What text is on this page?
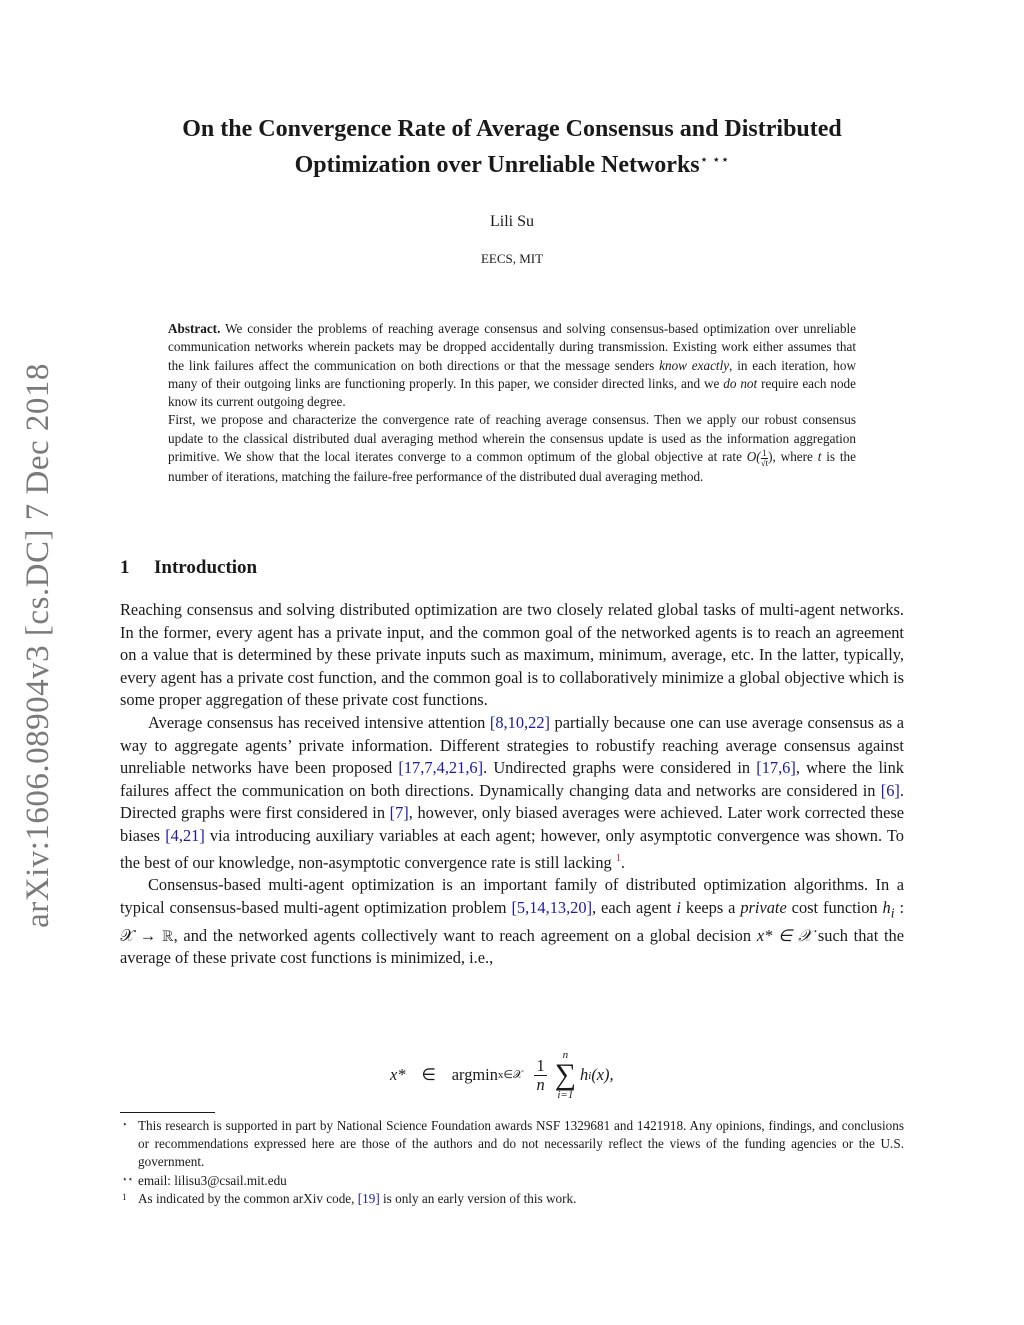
arXiv:1606.08904v3 [cs.DC] 7 Dec 2018
On the Convergence Rate of Average Consensus and Distributed
Optimization over Unreliable Networks⋆ ⋆⋆
Lili Su
EECS, MIT

Abstract. We consider the problems of reaching average consensus and solving consensus-based optimization over unreliable communication networks wherein packets may be dropped accidentally during transmission. Existing work either assumes that the link failures affect the communication on both directions or that the message senders know exactly, in each iteration, how many of their outgoing links are functioning properly. In this paper, we consider directed links, and we do not require each node know its current outgoing degree.

First, we propose and characterize the convergence rate of reaching average consensus. Then we apply our robust consensus update to the classical distributed dual averaging method wherein the consensus update is used as the information aggregation primitive. We show that the local iterates converge to a common optimum of the global objective at rate $O( \frac{1}{√t}$ ), where t is the number of iterations, matching the failure-free performance of the distributed dual averaging method.

1 Introduction

Reaching consensus and solving distributed optimization are two closely related global tasks of multi-agent networks. In the former, every agent has a private input, and the common goal of the networked agents is to reach an agreement on a value that is determined by these private inputs such as maximum, minimum, average, etc. In the latter, typically, every agent has a private cost function, and the common goal is to collaboratively minimize a global objective which is some proper aggregation of these private cost functions.

Average consensus has received intensive attention [8,10,22] partially because one can use average consensus as a way to aggregate agents’ private information. Different strategies to robustify reaching average consensus against unreliable networks have been proposed [17,7,4,21,6]. Undirected graphs were considered in [17,6], where the link failures affect the communication on both directions. Dynamically changing data and networks are considered in [6]. Directed graphs were first considered in [7], however, only biased averages were achieved. Later work corrected these biases [4,21] via introducing auxiliary variables at each agent; however, only asymptotic convergence was shown. To the best of our knowledge, non-asymptotic convergence rate is still lacking $^1$.

Consensus-based multi-agent optimization is an important family of distributed optimization algorithms. In a typical consensus-based multi-agent optimization problem [5,14,13,20], each agent i keeps a private cost function $h_i$ : 𝒳 → ℝ, and the networked agents collectively want to reach agreement on a global decision x* ∈ 𝒳 such that the average of these private cost functions is minimized, i.e.,

x* ∈ argmin x∈𝒳 $\frac{1}{n}$
n
∑
i=1
h i (x),
⋆ This research is supported in part by National Science Foundation awards NSF 1329681 and 1421918. Any opinions, findings, and conclusions or recommendations expressed here are those of the authors and do not necessarily reflect the views of the funding agencies or the U.S. government.
⋆⋆ email: lilisu3@csail.mit.edu
1 As indicated by the common arXiv code, [19] is only an early version of this work.
